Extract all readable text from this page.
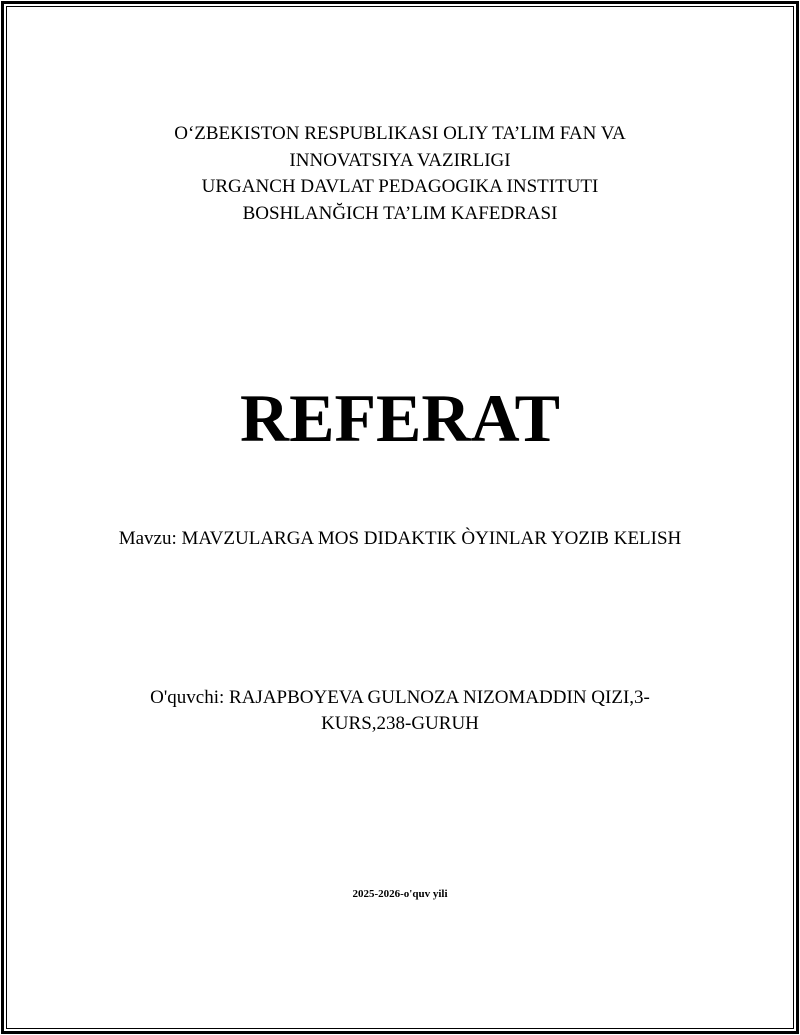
O‘ZBEKISTON RESPUBLIKASI OLIY TA’LIM FAN VA
INNOVATSIYA VAZIRLIGI
URGANCH DAVLAT PEDAGOGIKA INSTITUTI
BOSHLANĞICH TA’LIM KAFEDRASI
REFERAT
Mavzu: MAVZULARGA MOS DIDAKTIK ÒYINLAR YOZIB KELISH
O'quvchi: RAJAPBOYEVA GULNOZA NIZOMADDIN QIZI,3-
KURS,238-GURUH
2025-2026-o'quv yili
